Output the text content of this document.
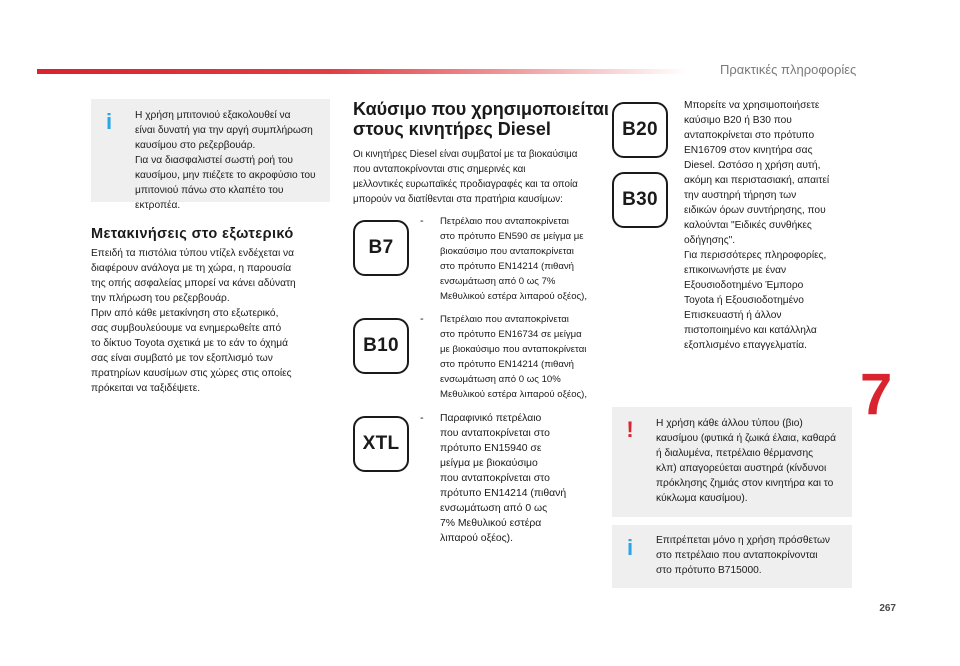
Πρακτικές πληροφορίες
i	Η χρήση μπιτονιού εξακολουθεί να
είναι δυνατή για την αργή συμπλήρωση
καυσίμου στο ρεζερβουάρ.
Για να διασφαλιστεί σωστή ροή του
καυσίμου, μην πιέζετε το ακροφύσιο του
μπιτονιού πάνω στο κλαπέτο του εκτροπέα.
Μετακινήσεις στο εξωτερικό
Επειδή τα πιστόλια τύπου ντίζελ ενδέχεται να
διαφέρουν ανάλογα με τη χώρα, η παρουσία
της οπής ασφαλείας μπορεί να κάνει αδύνατη
την πλήρωση του ρεζερβουάρ.
Πριν από κάθε μετακίνηση στο εξωτερικό,
σας συμβουλεύουμε να ενημερωθείτε από
το δίκτυο Toyota σχετικά με το εάν το όχημά
σας είναι συμβατό με τον εξοπλισμό των
πρατηρίων καυσίμων στις χώρες στις οποίες
πρόκειται να ταξιδέψετε.
Καύσιμο που χρησιμοποιείται
στους κινητήρες Diesel
Οι κινητήρες Diesel είναι συμβατοί με τα βιοκαύσιμα
που ανταποκρίνονται στις σημερινές και
μελλοντικές ευρωπαϊκές προδιαγραφές και τα οποία
μπορούν να διατίθενται στα πρατήρια καυσίμων:
B7
- Πετρέλαιο που ανταποκρίνεται
στο πρότυπο EN590 σε μείγμα με
βιοκαύσιμο που ανταποκρίνεται
στο πρότυπο EN14214 (πιθανή
ενσωμάτωση από 0 ως 7%
Μεθυλικού εστέρα λιπαρού οξέος),
B10
- Πετρέλαιο που ανταποκρίνεται
στο πρότυπο EN16734 σε μείγμα
με βιοκαύσιμο που ανταποκρίνεται
στο πρότυπο EN14214 (πιθανή
ενσωμάτωση από 0 ως 10%
Μεθυλικού εστέρα λιπαρού οξέος),
XTL
- Παραφινικό πετρέλαιο
που ανταποκρίνεται στο
πρότυπο EN15940 σε
μείγμα με βιοκαύσιμο
που ανταποκρίνεται στο
πρότυπο EN14214 (πιθανή
ενσωμάτωση από 0 ως
7% Μεθυλικού εστέρα
λιπαρού οξέος).
B20
B30
Μπορείτε να χρησιμοποιήσετε
καύσιμο B20 ή B30 που
ανταποκρίνεται στο πρότυπο
EN16709 στον κινητήρα σας
Diesel. Ωστόσο η χρήση αυτή,
ακόμη και περιστασιακή, απαιτεί
την αυστηρή τήρηση των
ειδικών όρων συντήρησης, που
καλούνται "Ειδικές συνθήκες
οδήγησης".
Για περισσότερες πληροφορίες,
επικοινωνήστε με έναν
Εξουσιοδοτημένο Έμπορο
Toyota ή Εξουσιοδοτημένο
Επισκευαστή ή άλλον
πιστοποιημένο και κατάλληλα
εξοπλισμένο επαγγελματία.
!	Η χρήση κάθε άλλου τύπου (βιο)
καυσίμου (φυτικά ή ζωικά έλαια, καθαρά
ή διαλυμένα, πετρέλαιο θέρμανσης
κλπ) απαγορεύεται αυστηρά (κίνδυνοι
πρόκλησης ζημιάς στον κινητήρα και το
κύκλωμα καυσίμου).
i	Επιτρέπεται μόνο η χρήση πρόσθετων
στο πετρέλαιο που ανταποκρίνονται
στο πρότυπο B715000.
7
267
